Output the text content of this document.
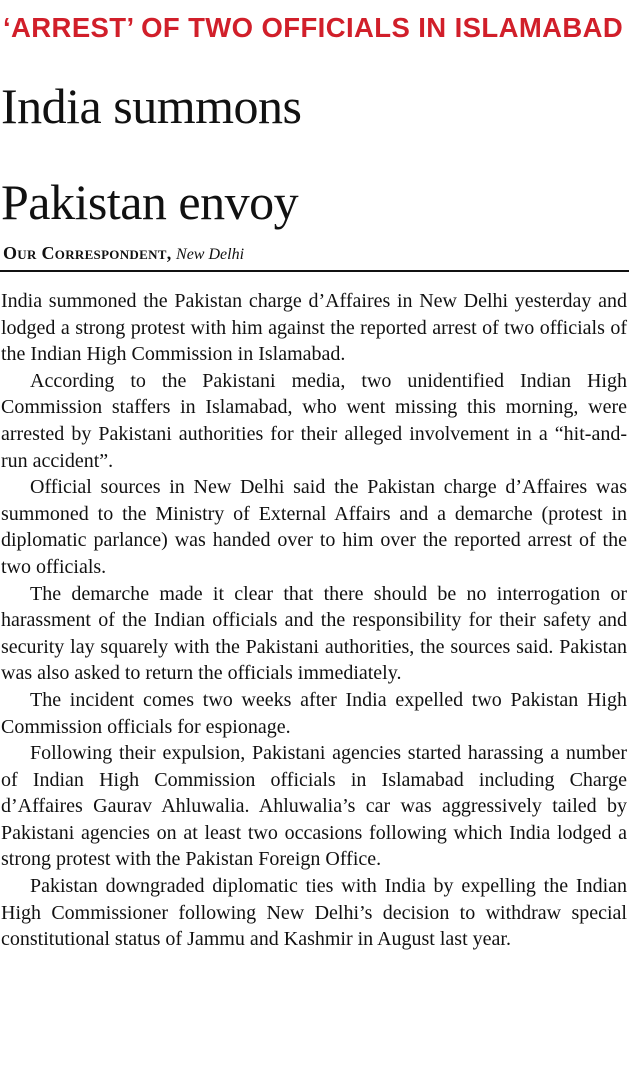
‘ARREST’ OF TWO OFFICIALS IN ISLAMABAD
India summons
Pakistan envoy
Our Correspondent, New Delhi

India summoned the Pakistan charge d’Affaires in New Delhi yesterday and lodged a strong protest with him against the reported arrest of two officials of the Indian High Commission in Islamabad.

According to the Pakistani media, two unidentified Indian High Commission staffers in Islamabad, who went missing this morning, were arrested by Pakistani authorities for their alleged involvement in a “hit-and-run accident”.

Official sources in New Delhi said the Pakistan charge d’Affaires was summoned to the Ministry of External Affairs and a demarche (protest in diplomatic parlance) was handed over to him over the reported arrest of the two officials.

The demarche made it clear that there should be no interrogation or harassment of the Indian officials and the responsibility for their safety and security lay squarely with the Pakistani authorities, the sources said. Pakistan was also asked to return the officials immediately.

The incident comes two weeks after India expelled two Pakistan High Commission officials for espionage.

Following their expulsion, Pakistani agencies started harassing a number of Indian High Commission officials in Islamabad including Charge d’Affaires Gaurav Ahluwalia. Ahluwalia’s car was aggressively tailed by Pakistani agencies on at least two occasions following which India lodged a strong protest with the Pakistan Foreign Office.

Pakistan downgraded diplomatic ties with India by expelling the Indian High Commissioner following New Delhi’s decision to withdraw special constitutional status of Jammu and Kashmir in August last year.
